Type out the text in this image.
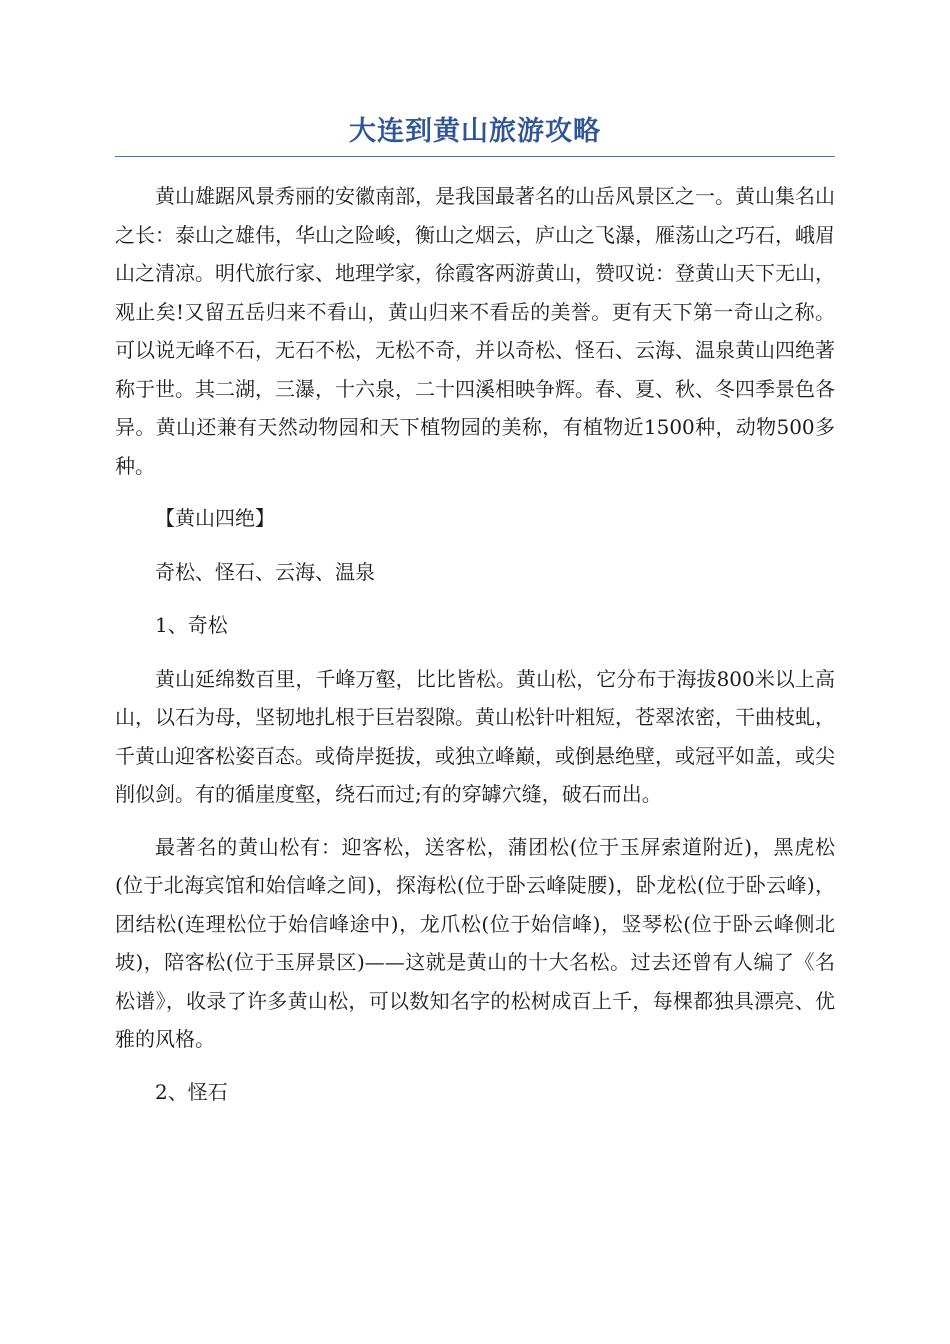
大连到黄山旅游攻略

黄山雄踞风景秀丽的安徽南部，是我国最著名的山岳风景区之一。黄山集名山之长：泰山之雄伟，华山之险峻，衡山之烟云，庐山之飞瀑，雁荡山之巧石，峨眉山之清凉。明代旅行家、地理学家，徐霞客两游黄山，赞叹说：登黄山天下无山，观止矣!又留五岳归来不看山，黄山归来不看岳的美誉。更有天下第一奇山之称。可以说无峰不石，无石不松，无松不奇，并以奇松、怪石、云海、温泉黄山四绝著称于世。其二湖，三瀑，十六泉，二十四溪相映争辉。春、夏、秋、冬四季景色各异。黄山还兼有天然动物园和天下植物园的美称，有植物近1500种，动物500多种。

【黄山四绝】

奇松、怪石、云海、温泉

1、奇松

黄山延绵数百里，千峰万壑，比比皆松。黄山松，它分布于海拔800米以上高山，以石为母，坚韧地扎根于巨岩裂隙。黄山松针叶粗短，苍翠浓密，干曲枝虬，千黄山迎客松姿百态。或倚岸挺拔，或独立峰巅，或倒悬绝壁，或冠平如盖，或尖削似剑。有的循崖度壑，绕石而过;有的穿罅穴缝，破石而出。

最著名的黄山松有：迎客松，送客松，蒲团松(位于玉屏索道附近)，黑虎松(位于北海宾馆和始信峰之间)，探海松(位于卧云峰陡腰)，卧龙松(位于卧云峰)，团结松(连理松位于始信峰途中)，龙爪松(位于始信峰)，竖琴松(位于卧云峰侧北坡)，陪客松(位于玉屏景区)——这就是黄山的十大名松。过去还曾有人编了《名松谱》，收录了许多黄山松，可以数知名字的松树成百上千，每棵都独具漂亮、优雅的风格。

2、怪石
